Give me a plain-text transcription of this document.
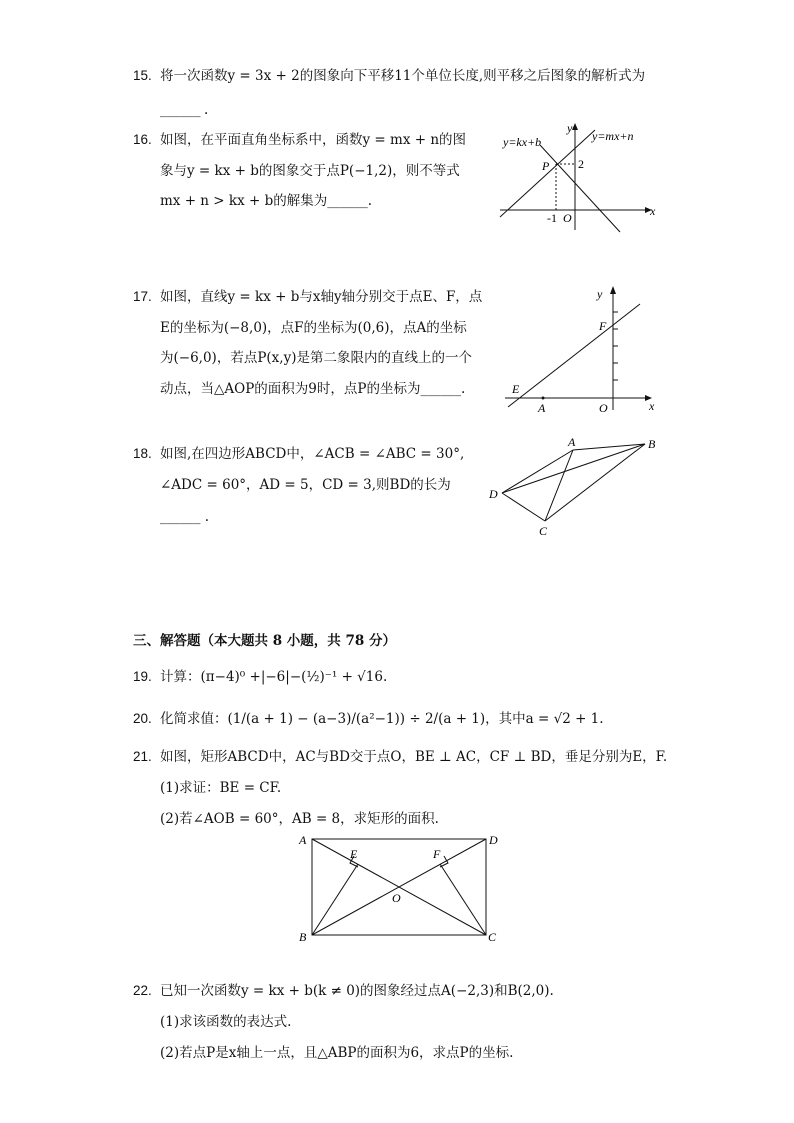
15. 将一次函数y = 3x + 2的图象向下平移11个单位长度,则平移之后图象的解析式为
______ .
16. 如图，在平面直角坐标系中，函数y = mx + n的图
象与y = kx + b的图象交于点P(−1,2)，则不等式
mx + n > kx + b的解集为______.
y=kx+b	y=mx+n
y
x
P 2
-1 O
17. 如图，直线y = kx + b与x轴y轴分别交于点E、F，点
E的坐标为(−8,0)，点F的坐标为(0,6)，点A的坐标
为(−6,0)，若点P(x,y)是第二象限内的直线上的一个
动点，当△AOP的面积为9时，点P的坐标为______.
y
F
E
A	O	x
18. 如图,在四边形ABCD中，∠ACB = ∠ABC = 30°,
∠ADC = 60°，AD = 5，CD = 3,则BD的长为
______ .
A	B
D
C
三、解答题（本大题共 8 小题，共 78 分）
19. 计算：(π−4)⁰ +|−6|−(½)⁻¹ + √16.
20. 化简求值：(1/(a + 1) − (a−3)/(a²−1)) ÷ 2/(a + 1)，其中a = √2 + 1.
21. 如图，矩形ABCD中，AC与BD交于点O，BE ⊥ AC，CF ⊥ BD，垂足分别为E，F.
(1)求证：BE = CF.
(2)若∠AOB = 60°，AB = 8，求矩形的面积.
A	D
B	C
E	F
O
22. 已知一次函数y = kx + b(k ≠ 0)的图象经过点A(−2,3)和B(2,0).
(1)求该函数的表达式.
(2)若点P是x轴上一点，且△ABP的面积为6，求点P的坐标.
